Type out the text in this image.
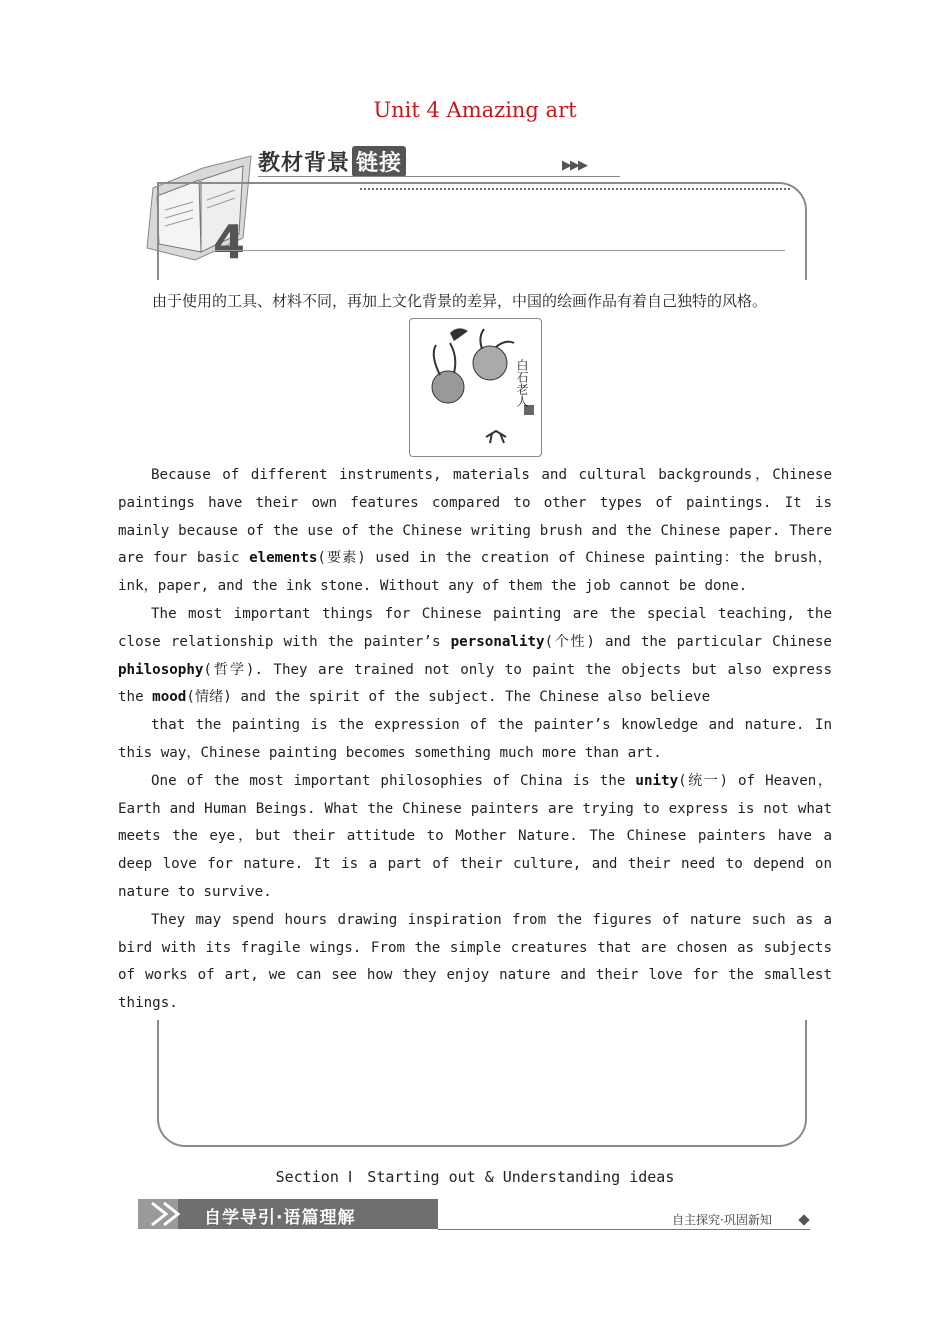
Unit 4 Amazing art
4
教材背景 链接	▶▶▶
由于使用的工具、材料不同，再加上文化背景的差异，中国的绘画作品有着自己独特的风格。
白石老人

Because of different instruments, materials and cultural backgrounds，Chinese paintings have their own features compared to other types of paintings. It is mainly because of the use of the Chinese writing brush and the Chinese paper. There are four basic elements(要素) used in the creation of Chinese painting：the brush，ink，paper, and the ink stone. Without any of them the job cannot be done.

The most important things for Chinese painting are the special teaching, the close relationship with the painter’s personality(个性) and the particular Chinese philosophy(哲学). They are trained not only to paint the objects but also express the mood(情绪) and the spirit of the subject. The Chinese also believe

that the painting is the expression of the painter’s knowledge and nature. In this way，Chinese painting becomes something much more than art.

One of the most important philosophies of China is the unity(统一) of Heaven，Earth and Human Beings. What the Chinese painters are trying to express is not what meets the eye，but their attitude to Mother Nature. The Chinese painters have a deep love for nature. It is a part of their culture, and their need to depend on nature to survive.

They may spend hours drawing inspiration from the figures of nature such as a bird with its fragile wings. From the simple creatures that are chosen as subjects of works of art, we can see how they enjoy nature and their love for the smallest things.

Section Ⅰ　Starting out & Understanding ideas
自学导引·语篇理解	自主探究·巩固新知
